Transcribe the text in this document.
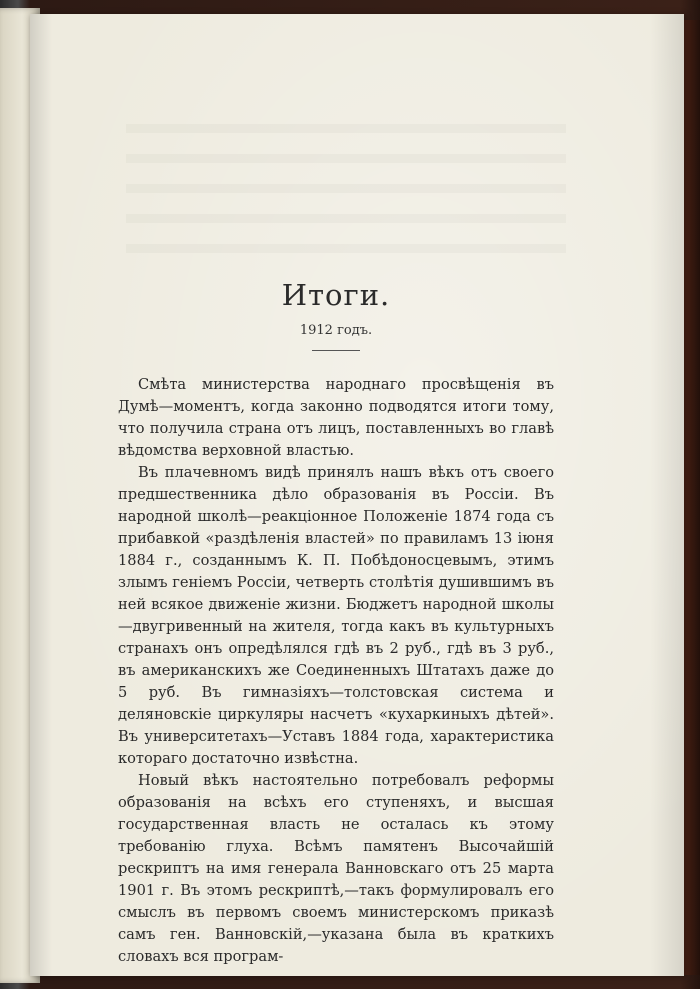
Итоги.

1912 годъ.

Смѣта министерства народнаго просвѣщенія въ Думѣ—моментъ, когда законно подводятся итоги тому, что получила страна отъ лицъ, поставленныхъ во главѣ вѣдомства верховной властью.

Въ плачевномъ видѣ принялъ нашъ вѣкъ отъ своего предшественника дѣло образованія въ Россіи. Въ народной школѣ—реакціонное Положеніе 1874 года съ прибавкой «раздѣленія властей» по правиламъ 13 іюня 1884 г., созданнымъ К. П. Побѣдоносцевымъ, этимъ злымъ геніемъ Россіи, четверть столѣтія душившимъ въ ней всякое движеніе жизни. Бюджетъ народной школы—двугривенный на жителя, тогда какъ въ культурныхъ странахъ онъ опредѣлялся гдѣ въ 2 руб., гдѣ въ 3 руб., въ американскихъ же Соединенныхъ Штатахъ даже до 5 руб. Въ гимназіяхъ—толстовская система и деляновскіе циркуляры насчетъ «кухаркиныхъ дѣтей». Въ университетахъ—Уставъ 1884 года, характеристика котораго достаточно извѣстна.

Новый вѣкъ настоятельно потребовалъ реформы образованія на всѣхъ его ступеняхъ, и высшая государственная власть не осталась къ этому требованію глуха. Всѣмъ памятенъ Высочайшій рескриптъ на имя генерала Ванновскаго отъ 25 марта 1901 г. Въ этомъ рескриптѣ,—такъ формулировалъ его смыслъ въ первомъ своемъ министерскомъ приказѣ самъ ген. Ванновскій,—указана была въ краткихъ словахъ вся програм-
